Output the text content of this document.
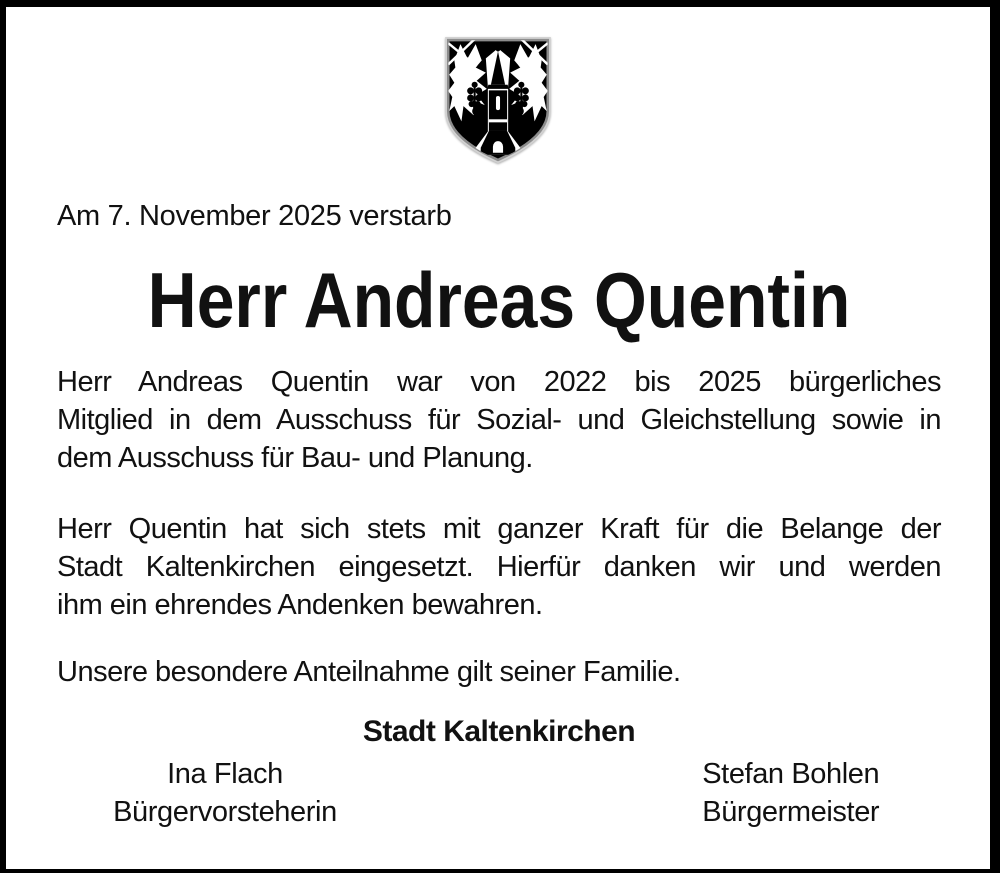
Am 7. November 2025 verstarb
Herr Andreas Quentin
Herr Andreas Quentin war von 2022 bis 2025 bürgerliches
Mitglied in dem Ausschuss für Sozial- und Gleichstellung sowie in
dem Ausschuss für Bau- und Planung.
Herr Quentin hat sich stets mit ganzer Kraft für die Belange der
Stadt Kaltenkirchen eingesetzt. Hierfür danken wir und werden
ihm ein ehrendes Andenken bewahren.
Unsere besondere Anteilnahme gilt seiner Familie.
Stadt Kaltenkirchen
Ina Flach
Bürgervorsteherin
Stefan Bohlen
Bürgermeister
